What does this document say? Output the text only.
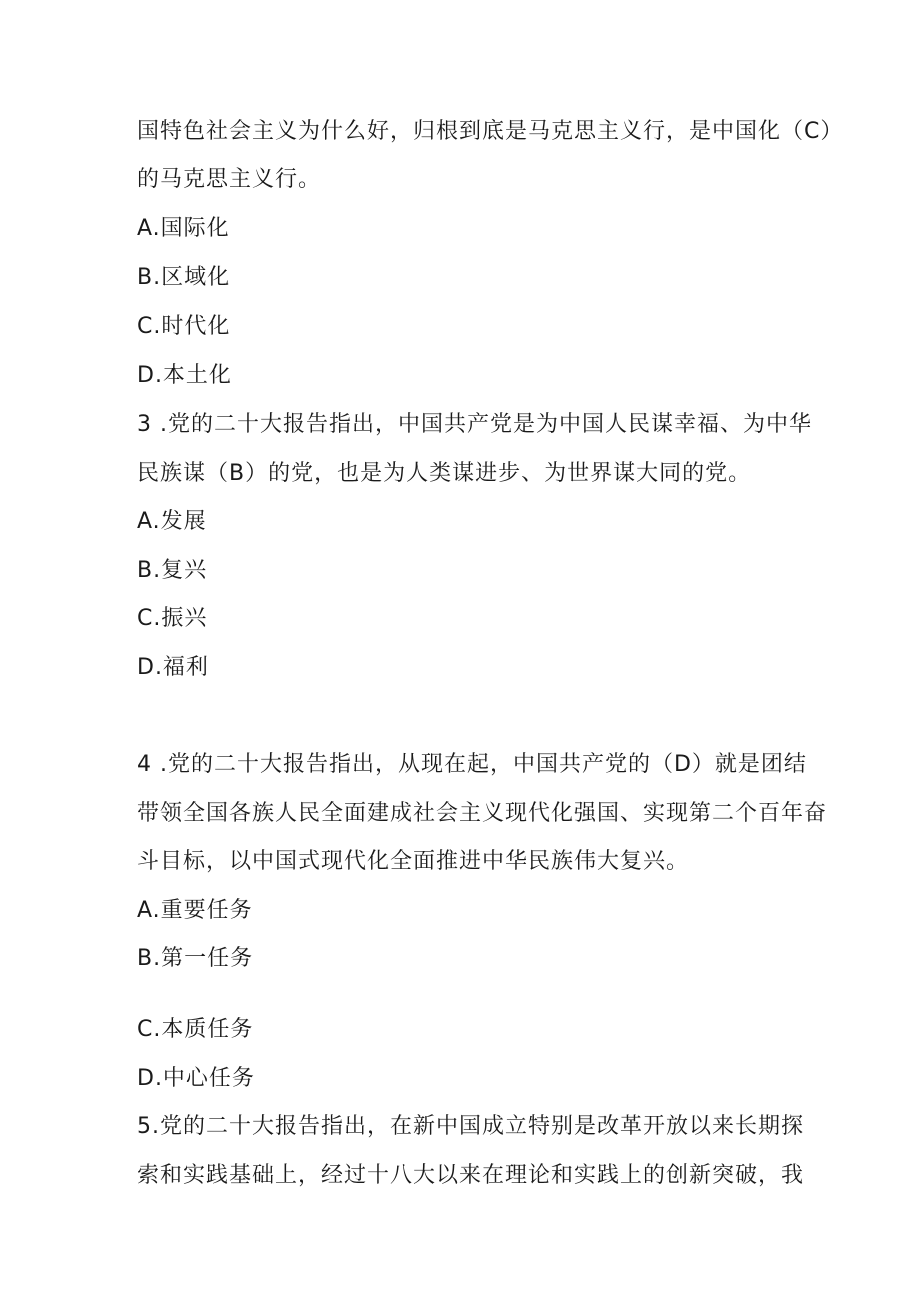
国特色社会主义为什么好，归根到底是马克思主义行，是中国化（C）
的马克思主义行。
A.国际化
B.区域化
C.时代化
D.本土化
3 .党的二十大报告指出，中国共产党是为中国人民谋幸福、为中华
民族谋（B）的党，也是为人类谋进步、为世界谋大同的党。
A.发展
B.复兴
C.振兴
D.福利
4 .党的二十大报告指出，从现在起，中国共产党的（D）就是团结
带领全国各族人民全面建成社会主义现代化强国、实现第二个百年奋
斗目标，以中国式现代化全面推进中华民族伟大复兴。
A.重要任务
B.第一任务
C.本质任务
D.中心任务
5.党的二十大报告指出，在新中国成立特别是改革开放以来长期探
索和实践基础上，经过十八大以来在理论和实践上的创新突破，我
